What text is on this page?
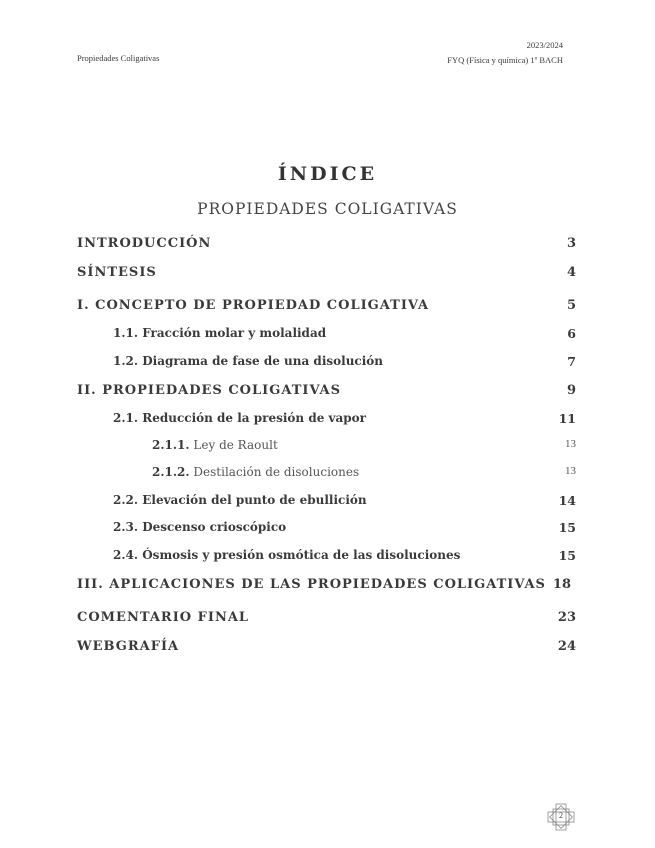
Propiedades Coligativas
2023/2024
FYQ (Física y química) 1º BACH
ÍNDICE
PROPIEDADES COLIGATIVAS
INTRODUCCIÓN	3
SÍNTESIS	4
I. CONCEPTO DE PROPIEDAD COLIGATIVA	5
1.1. Fracción molar y molalidad	6
1.2. Diagrama de fase de una disolución	7
II. PROPIEDADES COLIGATIVAS	9
2.1. Reducción de la presión de vapor	11
2.1.1. Ley de Raoult	13
2.1.2. Destilación de disoluciones	13
2.2. Elevación del punto de ebullición	14
2.3. Descenso crioscópico	15
2.4. Ósmosis y presión osmótica de las disoluciones	15
III. APLICACIONES DE LAS PROPIEDADES COLIGATIVAS 18
COMENTARIO FINAL	23
WEBGRAFÍA	24
2
